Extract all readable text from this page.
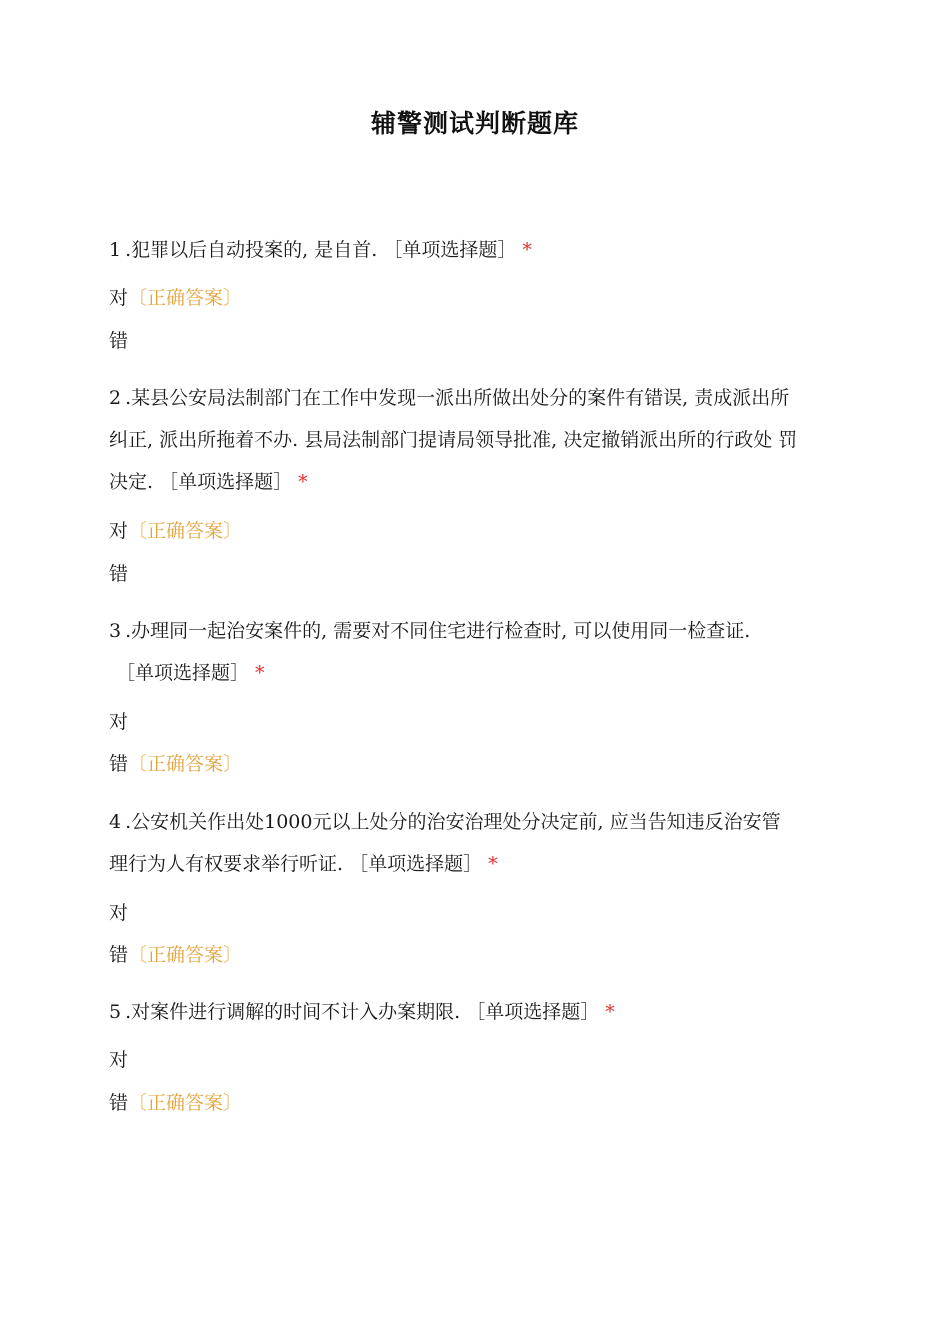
辅警测试判断题库
1 .犯罪以后自动投案的, 是自首. ［单项选择题］ *
对〔正确答案〕
错
2 .某县公安局法制部门在工作中发现一派出所做出处分的案件有错误, 责成派出所
纠正, 派出所拖着不办. 县局法制部门提请局领导批准, 决定撤销派出所的行政处 罚
决定. ［单项选择题］ *
对〔正确答案〕
错
3 .办理同一起治安案件的, 需要对不同住宅进行检查时, 可以使用同一检查证.
［单项选择题］ *
对
错〔正确答案〕
4 .公安机关作出处1000元以上处分的治安治理处分决定前, 应当告知违反治安管
理行为人有权要求举行听证. ［单项选择题］ *
对
错〔正确答案〕
5 .对案件进行调解的时间不计入办案期限. ［单项选择题］ *
对
错〔正确答案〕
